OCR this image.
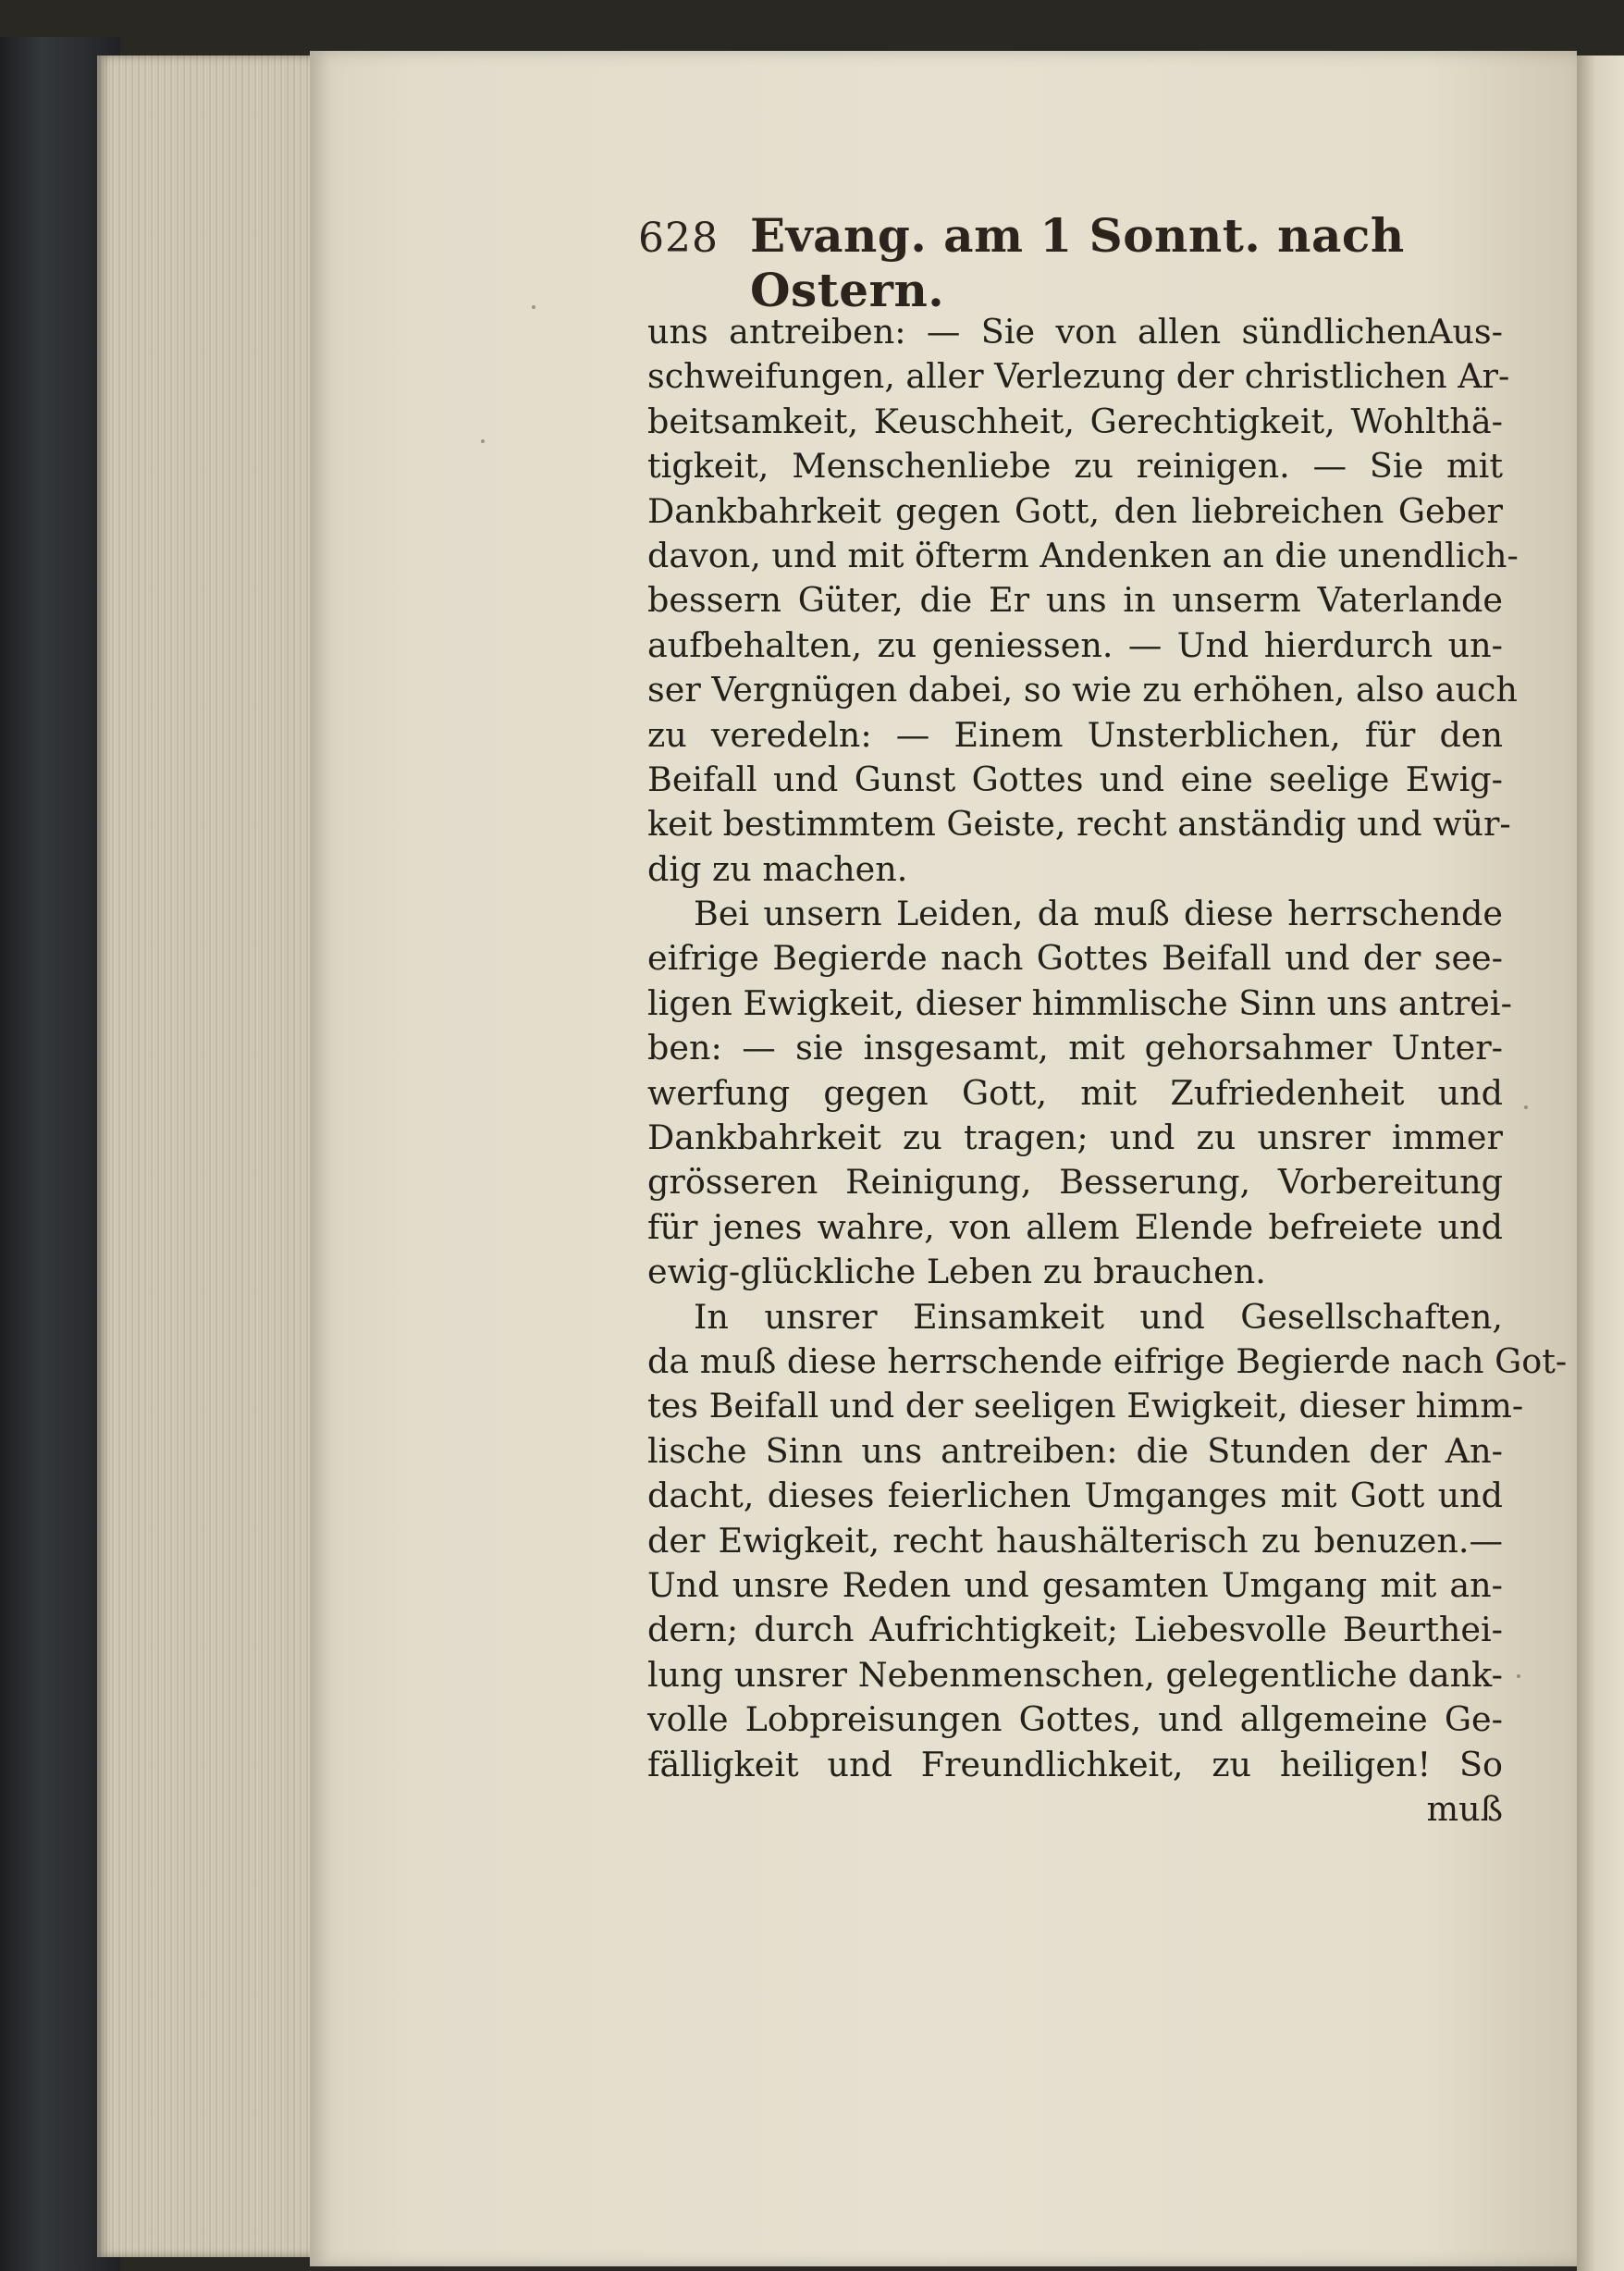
628 Evang. am 1 Sonnt. nach Ostern.
uns antreiben: — Sie von allen sündlichenAus-
schweifungen, aller Verlezung der christlichen Ar-
beitsamkeit, Keuschheit, Gerechtigkeit, Wohlthä-
tigkeit, Menschenliebe zu reinigen. — Sie mit
Dankbahrkeit gegen Gott, den liebreichen Geber
davon, und mit öfterm Andenken an die unendlich-
bessern Güter, die Er uns in unserm Vaterlande
aufbehalten, zu geniessen. — Und hierdurch un-
ser Vergnügen dabei, so wie zu erhöhen, also auch
zu veredeln: — Einem Unsterblichen, für den
Beifall und Gunst Gottes und eine seelige Ewig-
keit bestimmtem Geiste, recht anständig und wür-
dig zu machen.
Bei unsern Leiden, da muß diese herrschende
eifrige Begierde nach Gottes Beifall und der see-
ligen Ewigkeit, dieser himmlische Sinn uns antrei-
ben: — sie insgesamt, mit gehorsahmer Unter-
werfung gegen Gott, mit Zufriedenheit und
Dankbahrkeit zu tragen; und zu unsrer immer
grösseren Reinigung, Besserung, Vorbereitung
für jenes wahre, von allem Elende befreiete und
ewig-glückliche Leben zu brauchen.
In unsrer Einsamkeit und Gesellschaften,
da muß diese herrschende eifrige Begierde nach Got-
tes Beifall und der seeligen Ewigkeit, dieser himm-
lische Sinn uns antreiben: die Stunden der An-
dacht, dieses feierlichen Umganges mit Gott und
der Ewigkeit, recht haushälterisch zu benuzen.—
Und unsre Reden und gesamten Umgang mit an-
dern; durch Aufrichtigkeit; Liebesvolle Beurthei-
lung unsrer Nebenmenschen, gelegentliche dank-
volle Lobpreisungen Gottes, und allgemeine Ge-
fälligkeit und Freundlichkeit, zu heiligen! So
muß
